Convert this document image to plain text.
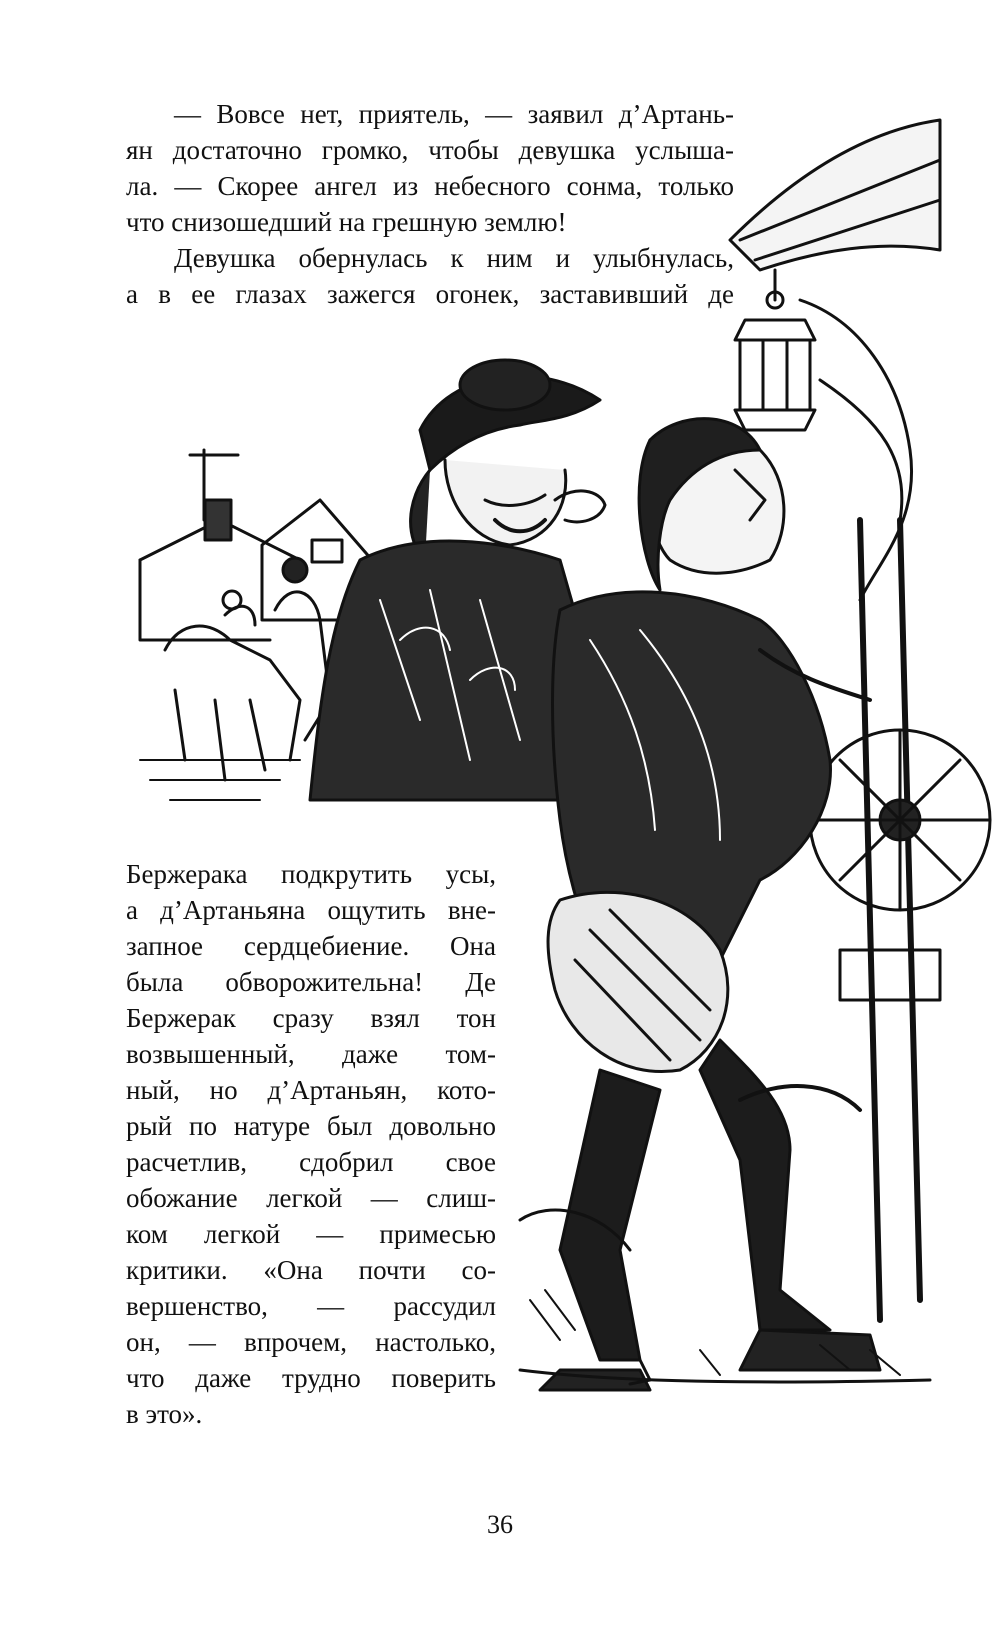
— Вовсе нет, приятель, — заявил д’Артань-

ян достаточно громко, чтобы девушка услыша-

ла. — Скорее ангел из небесного сонма, только

что снизошедший на грешную землю!

Девушка обернулась к ним и улыбнулась,

а в ее глазах зажегся огонек, заставивший де

Бержерака подкрутить усы,

а д’Артаньяна ощутить вне-

запное сердцебиение. Она

была обворожительна! Де

Бержерак сразу взял тон

возвышенный, даже том-

ный, но д’Артаньян, кото-

рый по натуре был довольно

расчетлив, сдобрил свое

обожание легкой — слиш-

ком легкой — примесью

критики. «Она почти со-

вершенство, — рассудил

он, — впрочем, настолько,

что даже трудно поверить

в это».

36
